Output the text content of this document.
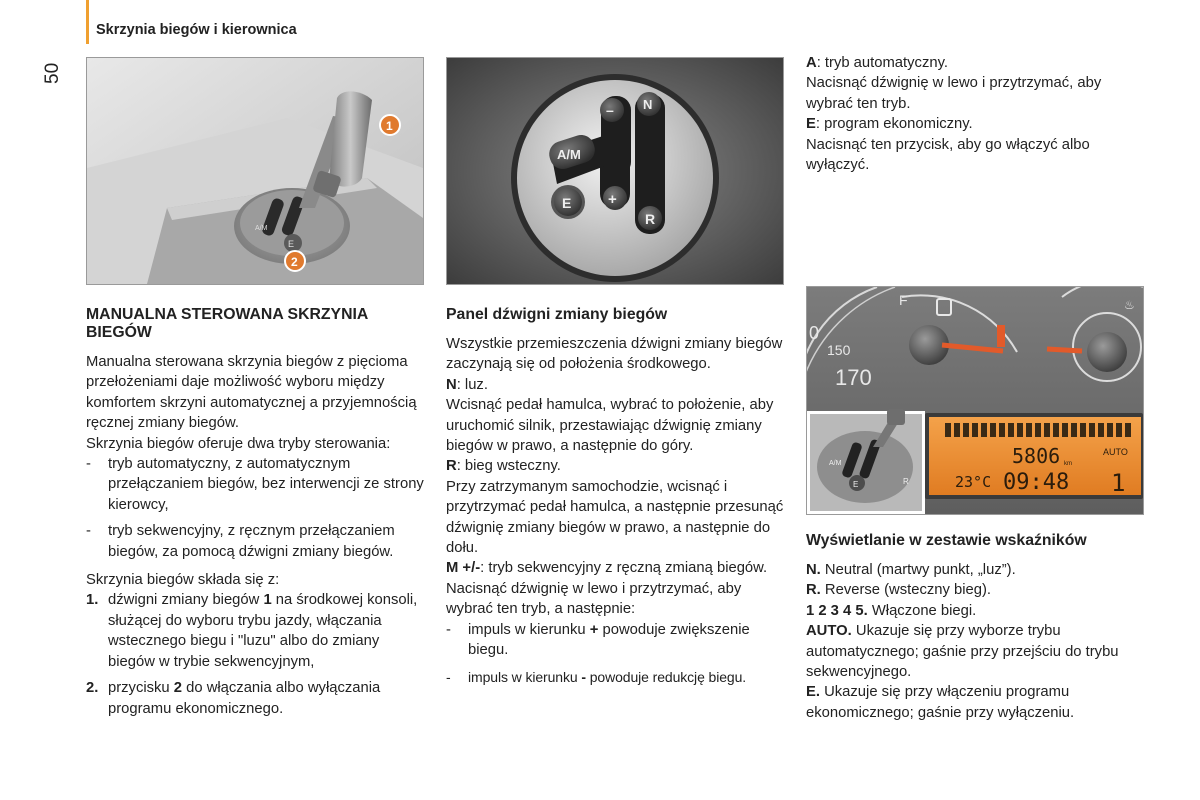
Skrzynia biegów i kierownica
50
E
A/M
1
2
– N
A/M
E +
R
150
170
0
F	♨
5806 km
AUTO
23°C 09:48 1
E	R
A/M
MANUALNA STEROWANA SKRZYNIA BIEGÓW

Manualna sterowana skrzynia biegów z pięcioma przełożeniami daje możliwość wyboru między komfortem skrzyni automatycznej a przyjemnością ręcznej zmiany biegów.

Skrzynia biegów oferuje dwa tryby sterowania:

- tryb automatyczny, z automatycznym przełączaniem biegów, bez interwencji ze strony kierowcy,
- tryb sekwencyjny, z ręcznym przełączaniem biegów, za pomocą dźwigni zmiany biegów.

Skrzynia biegów składa się z:

1. dźwigni zmiany biegów 1 na środkowej konsoli, służącej do wyboru trybu jazdy, włączania wstecznego biegu i "luzu" albo do zmiany biegów w trybie sekwencyjnym,
2. przycisku 2 do włączania albo wyłączania programu ekonomicznego.
Panel dźwigni zmiany biegów

Wszystkie przemieszczenia dźwigni zmiany biegów zaczynają się od położenia środkowego.

N: luz.

Wcisnąć pedał hamulca, wybrać to położenie, aby uruchomić silnik, przestawiając dźwignię zmiany biegów w prawo, a następnie do góry.

R: bieg wsteczny.

Przy zatrzymanym samochodzie, wcisnąć i przytrzymać pedał hamulca, a następnie przesunąć dźwignię zmiany biegów w prawo, a następnie do dołu.

M +/-: tryb sekwencyjny z ręczną zmianą biegów.

Nacisnąć dźwignię w lewo i przytrzymać, aby wybrać ten tryb, a następnie:

- impuls w kierunku + powoduje zwiększenie biegu.
- impuls w kierunku - powoduje redukcję biegu.

A: tryb automatyczny.

Nacisnąć dźwignię w lewo i przytrzymać, aby wybrać ten tryb.

E: program ekonomiczny.

Nacisnąć ten przycisk, aby go włączyć albo wyłączyć.

Wyświetlanie w zestawie wskaźników

N. Neutral (martwy punkt, „luz”).

R. Reverse (wsteczny bieg).

1 2 3 4 5. Włączone biegi.

AUTO. Ukazuje się przy wyborze trybu automatycznego; gaśnie przy przejściu do trybu sekwencyjnego.

E. Ukazuje się przy włączeniu programu ekonomicznego; gaśnie przy wyłączeniu.
